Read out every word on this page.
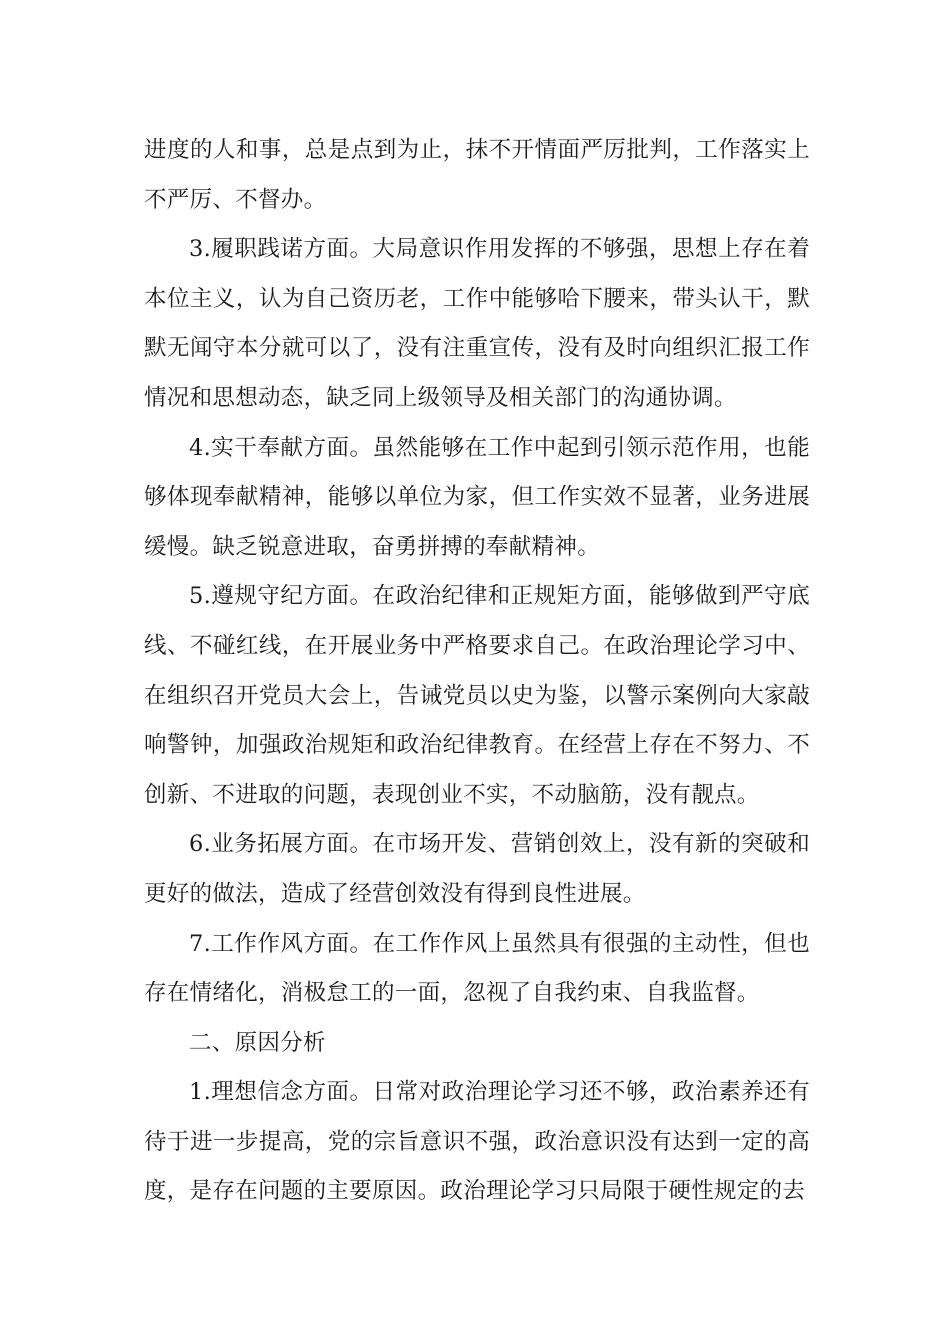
进度的人和事，总是点到为止，抹不开情面严厉批判，工作落实上不严厉、不督办。

3.履职践诺方面。大局意识作用发挥的不够强，思想上存在着本位主义，认为自己资历老，工作中能够哈下腰来，带头认干，默默无闻守本分就可以了，没有注重宣传，没有及时向组织汇报工作情况和思想动态，缺乏同上级领导及相关部门的沟通协调。

4.实干奉献方面。虽然能够在工作中起到引领示范作用，也能够体现奉献精神，能够以单位为家，但工作实效不显著，业务进展缓慢。缺乏锐意进取，奋勇拼搏的奉献精神。

5.遵规守纪方面。在政治纪律和正规矩方面，能够做到严守底线、不碰红线，在开展业务中严格要求自己。在政治理论学习中、在组织召开党员大会上，告诫党员以史为鉴，以警示案例向大家敲响警钟，加强政治规矩和政治纪律教育。在经营上存在不努力、不创新、不进取的问题，表现创业不实，不动脑筋，没有靓点。

6.业务拓展方面。在市场开发、营销创效上，没有新的突破和更好的做法，造成了经营创效没有得到良性进展。

7.工作作风方面。在工作作风上虽然具有很强的主动性，但也存在情绪化，消极怠工的一面，忽视了自我约束、自我监督。

二、原因分析

1.理想信念方面。日常对政治理论学习还不够，政治素养还有待于进一步提高，党的宗旨意识不强，政治意识没有达到一定的高度，是存在问题的主要原因。政治理论学习只局限于硬性规定的去
